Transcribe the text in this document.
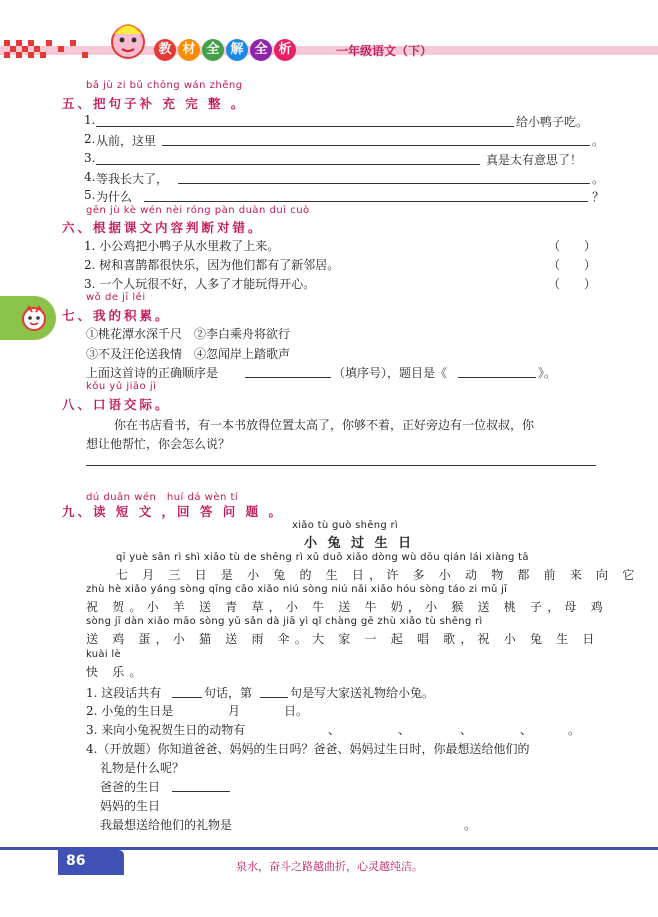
教 材 全 解 全 析	一年级语文（下）
bǎ jù zi bǔ chōng wán zhěng
五、把句子补 充 完 整 。
1.	给小鸭子吃。
2. 从前，这里	。
3.	真是太有意思了！
4. 等我长大了，	。
5. 为什么	？
gēn jù kè wén nèi róng pàn duàn duì cuò
六、根据课文内容判断对错。
1. 小公鸡把小鸭子从水里救了上来。	（　　）
2. 树和喜鹊都很快乐，因为他们都有了新邻居。	（　　）
3. 一个人玩很不好，人多了才能玩得开心。	（　　）
wǒ de jī lěi
七、我的积累。
①桃花潭水深千尺　②李白乘舟将欲行
③不及汪伦送我情　④忽闻岸上踏歌声
上面这首诗的正确顺序是	（填序号），题目是《	》。
kǒu yǔ jiāo jì
八、口语交际。
你在书店看书，有一本书放得位置太高了，你够不着，正好旁边有一位叔叔，你
想让他帮忙，你会怎么说？
dú duǎn wén　huí dá wèn tí
九、读 短 文 ，回 答 问 题 。
xiǎo tù guò shēng rì
小 兔 过 生 日
qī yuè sān rì shì xiǎo tù de shēng rì xǔ duō xiǎo dòng wù dōu qián lái xiàng tā
七 月 三 日 是 小 兔 的 生 日，许 多 小 动 物 都 前 来 向 它
zhù hè xiǎo yáng sòng qīng cǎo xiǎo niú sòng niú nǎi xiǎo hóu sòng táo zi mǔ jī
祝 贺。小 羊 送 青 草，小 牛 送 牛 奶，小 猴 送 桃 子，母 鸡
sòng jī dàn xiǎo māo sòng yǔ sǎn dà jiā yì qǐ chàng gē zhù xiǎo tù shēng rì
送 鸡 蛋，小 猫 送 雨 伞。大 家 一 起 唱 歌，祝 小 兔 生 日
kuài lè
快 乐。
1. 这段话共有	句话，第	句是写大家送礼物给小兔。
2. 小兔的生日是	月	日。
3. 来向小兔祝贺生日的动物有	、	、	、	、	。
4.（开放题）你知道爸爸、妈妈的生日吗？爸爸、妈妈过生日时，你最想送给他们的
礼物是什么呢？
爸爸的生日
妈妈的生日
我最想送给他们的礼物是	。
86	泉水，奋斗之路越曲折，心灵越纯洁。
